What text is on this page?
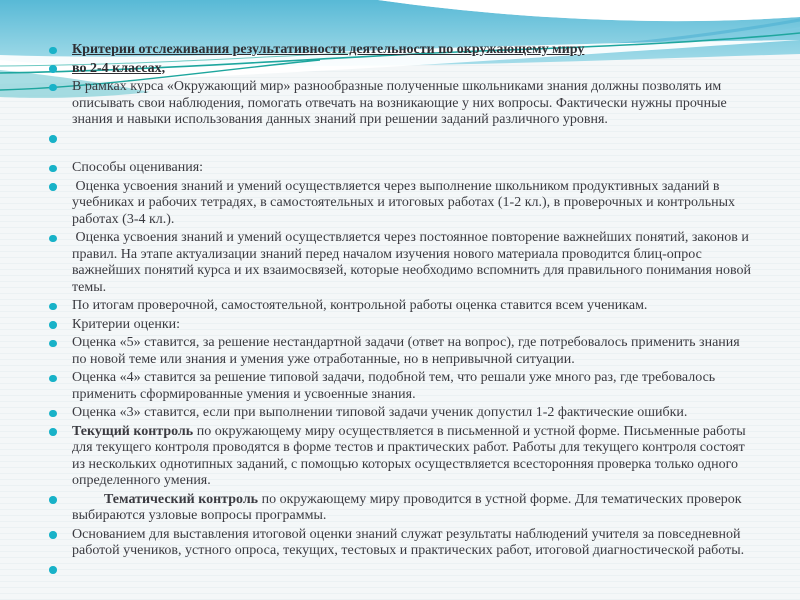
Критерии отслеживания результативности деятельности по окружающему миру
во 2-4 классах,
В рамках курса «Окружающий мир» разнообразные полученные школьниками знания должны позволять им описывать свои наблюдения, помогать отвечать на возникающие у них вопросы. Фактически нужны прочные знания и навыки использования данных знаний при решении заданий различного уровня.
Способы оценивания:
Оценка усвоения знаний и умений осуществляется через выполнение школьником продуктивных заданий в учебниках и рабочих тетрадях, в самостоятельных и итоговых работах (1-2 кл.), в проверочных и контрольных работах (3-4 кл.).
Оценка усвоения знаний и умений осуществляется через постоянное повторение важнейших понятий, законов и правил. На этапе актуализации знаний перед началом изучения нового материала проводится блиц-опрос важнейших понятий курса и их взаимосвязей, которые необходимо вспомнить для правильного понимания новой темы.
По итогам проверочной, самостоятельной, контрольной работы оценка ставится всем ученикам.
Критерии оценки:
Оценка «5» ставится, за решение нестандартной задачи (ответ на вопрос), где потребовалось применить знания по новой теме или знания и умения уже отработанные, но в непривычной ситуации.
Оценка «4» ставится за решение типовой задачи, подобной тем, что решали уже много раз, где требовалось применить сформированные умения и усвоенные знания.
Оценка «3» ставится, если при выполнении типовой задачи ученик допустил 1-2 фактические ошибки.
Текущий контроль по окружающему миру осуществляется в письменной и устной форме. Письменные работы для текущего контроля проводятся в форме тестов и практических работ. Работы для текущего контроля состоят из нескольких однотипных заданий, с помощью которых осуществляется всесторонняя проверка только одного определенного умения.
Тематический контроль по окружающему миру проводится в устной форме. Для тематических проверок выбираются узловые вопросы программы.
Основанием для выставления итоговой оценки знаний служат результаты наблюдений учителя за повседневной работой учеников, устного опроса, текущих, тестовых и практических работ, итоговой диагностической работы.
